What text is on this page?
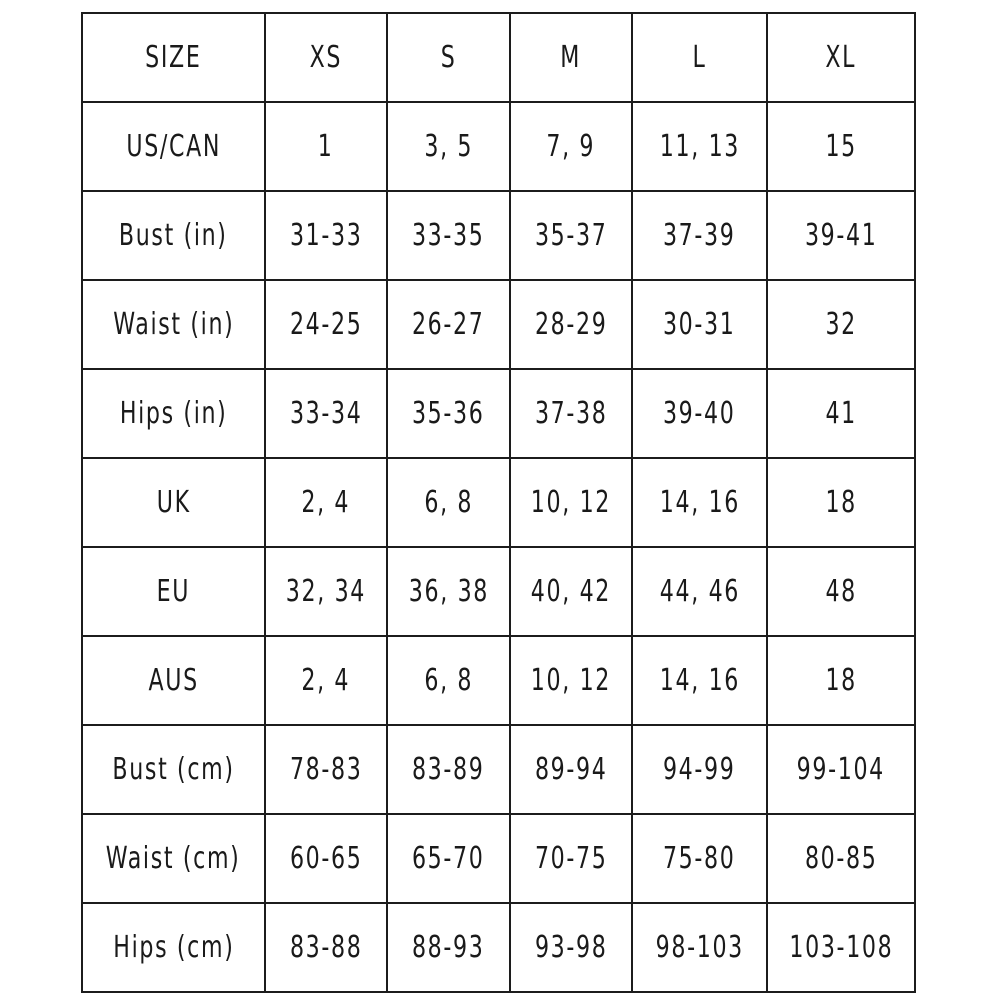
SIZE	XS	S	M	L	XL
US/CAN	1	3, 5	7, 9	11, 13	15
Bust (in)	31-33	33-35	35-37	37-39	39-41
Waist (in)	24-25	26-27	28-29	30-31	32
Hips (in)	33-34	35-36	37-38	39-40	41
UK	2, 4	6, 8	10, 12	14, 16	18
EU	32, 34	36, 38	40, 42	44, 46	48
AUS	2, 4	6, 8	10, 12	14, 16	18
Bust (cm)	78-83	83-89	89-94	94-99	99-104
Waist (cm)	60-65	65-70	70-75	75-80	80-85
Hips (cm)	83-88	88-93	93-98	98-103	103-108
